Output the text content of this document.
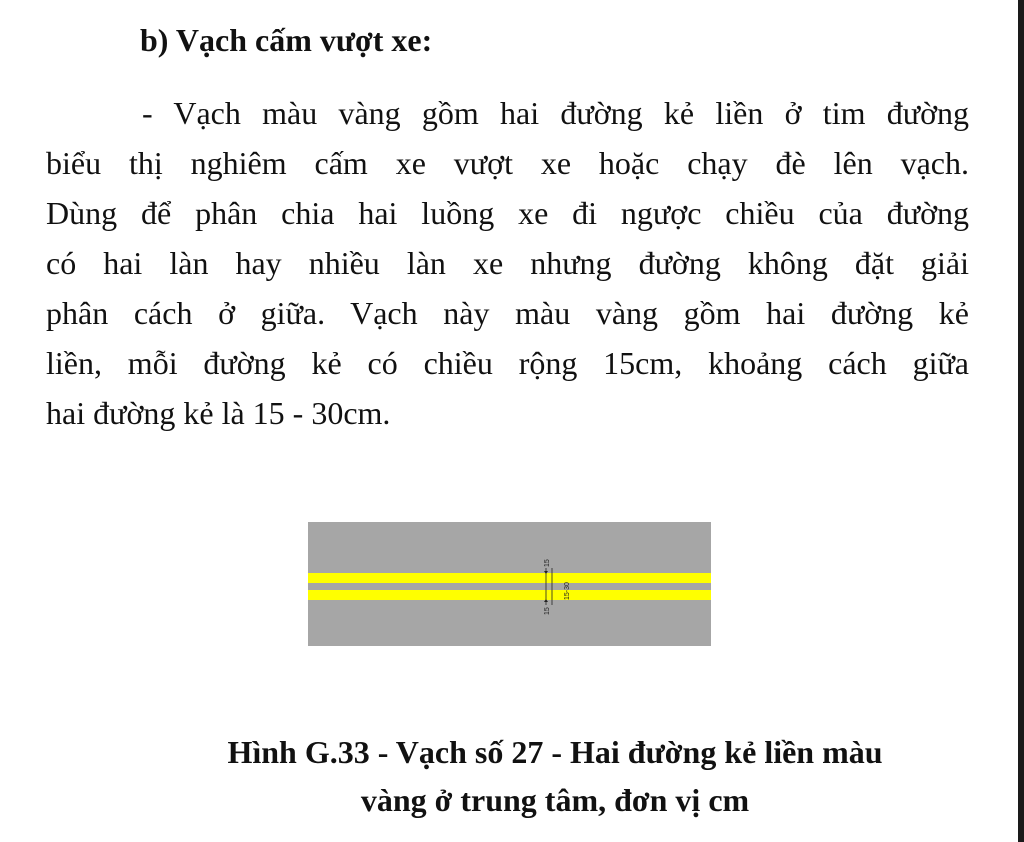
b) Vạch cấm vượt xe:

- Vạch màu vàng gồm hai đường kẻ liền ở tim đường
biểu thị nghiêm cấm xe vượt xe hoặc chạy đè lên vạch.
Dùng để phân chia hai luồng xe đi ngược chiều của đường
có hai làn hay nhiều làn xe nhưng đường không đặt giải
phân cách ở giữa. Vạch này màu vàng gồm hai đường kẻ
liền, mỗi đường kẻ có chiều rộng 15cm, khoảng cách giữa
hai đường kẻ là 15 - 30cm.

15
15-30
15

Hình G.33 - Vạch số 27 - Hai đường kẻ liền màu
vàng ở trung tâm, đơn vị cm
